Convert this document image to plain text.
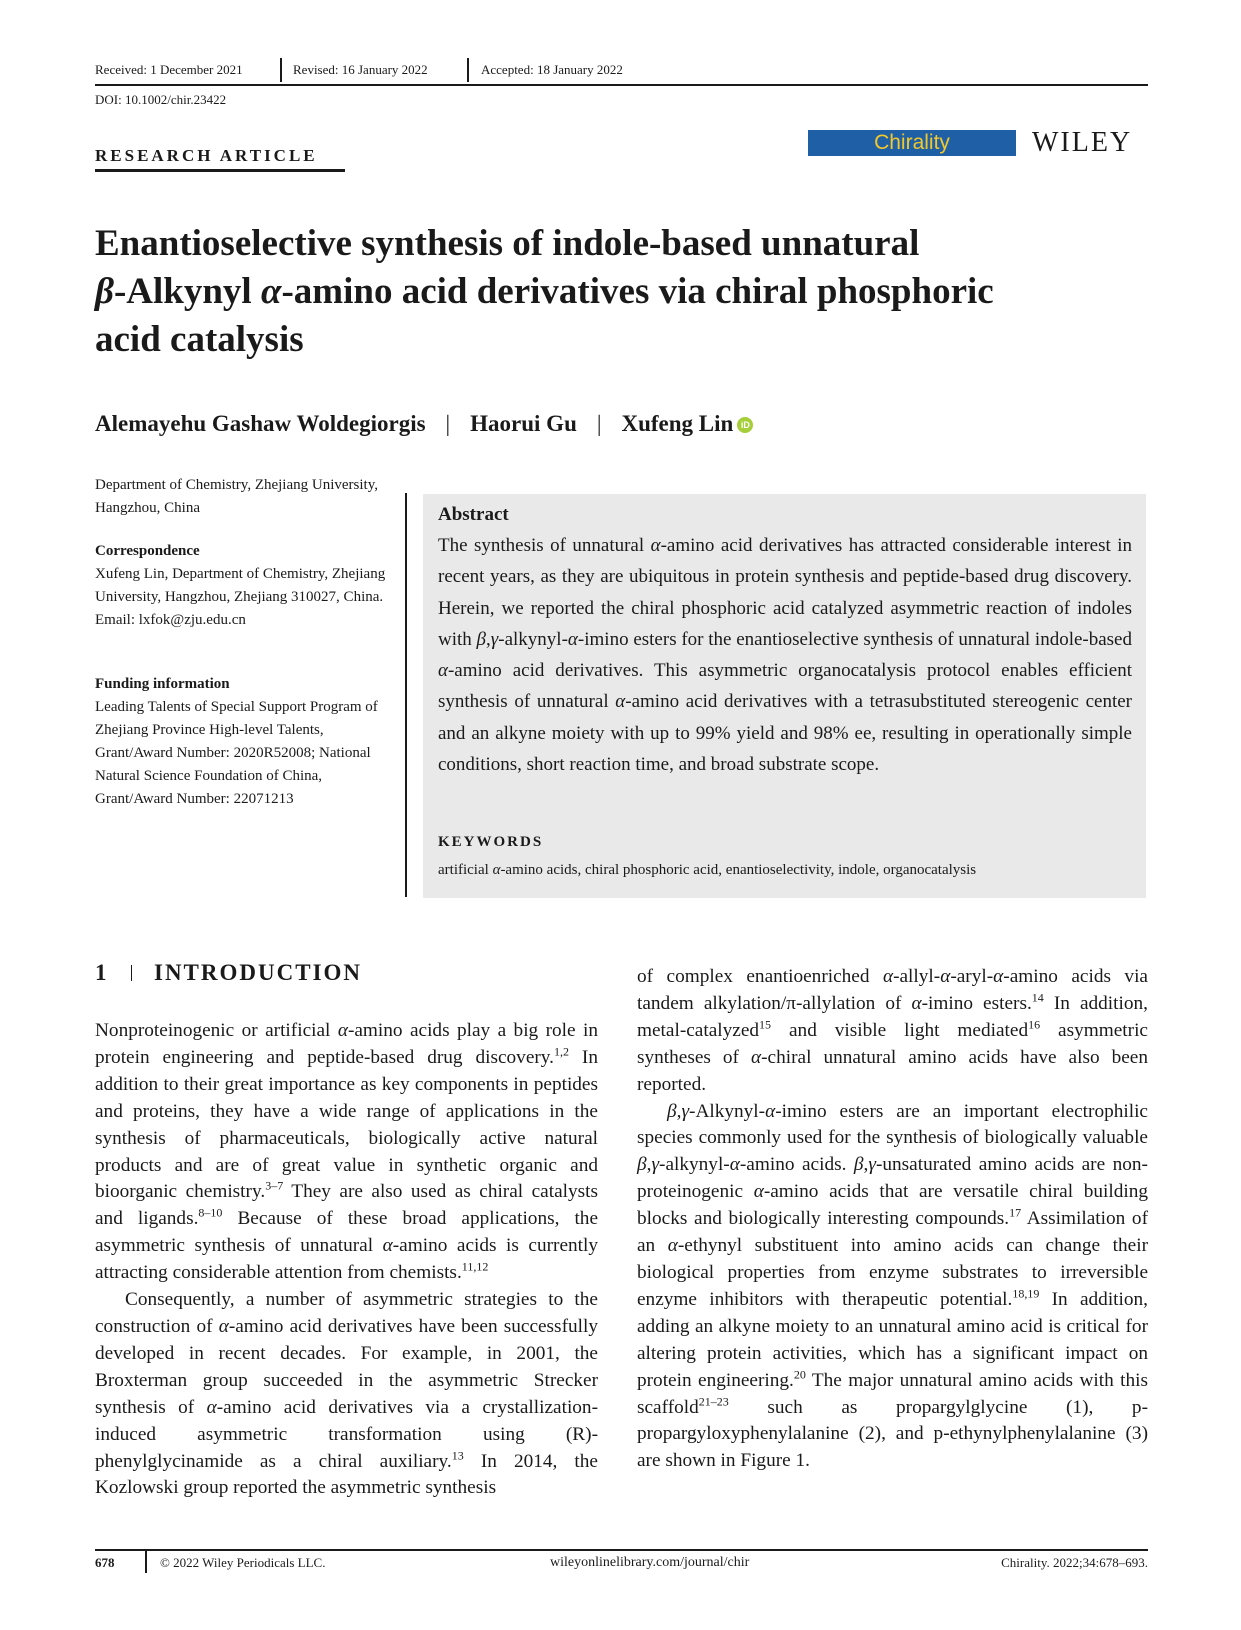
Received: 1 December 2021	Revised: 16 January 2022	Accepted: 18 January 2022
DOI: 10.1002/chir.23422
RESEARCH ARTICLE
Chirality	WILEY
Enantioselective synthesis of indole-based unnatural
β-Alkynyl α-amino acid derivatives via chiral phosphoric
acid catalysis
Alemayehu Gashaw Woldegiorgis | Haorui Gu | Xufeng Lin iD
Department of Chemistry, Zhejiang University, Hangzhou, China
Correspondence
Xufeng Lin, Department of Chemistry, Zhejiang University, Hangzhou, Zhejiang 310027, China.
Email: lxfok@zju.edu.cn
Funding information
Leading Talents of Special Support Program of Zhejiang Province High-level Talents, Grant/Award Number: 2020R52008; National Natural Science Foundation of China, Grant/Award Number: 22071213
Abstract
The synthesis of unnatural α-amino acid derivatives has attracted considerable interest in recent years, as they are ubiquitous in protein synthesis and peptide-based drug discovery. Herein, we reported the chiral phosphoric acid catalyzed asymmetric reaction of indoles with β,γ-alkynyl-α-imino esters for the enantioselective synthesis of unnatural indole-based α-amino acid derivatives. This asymmetric organocatalysis protocol enables efficient synthesis of unnatural α-amino acid derivatives with a tetrasubstituted stereogenic center and an alkyne moiety with up to 99% yield and 98% ee, resulting in operationally simple conditions, short reaction time, and broad substrate scope.
KEYWORDS
artificial α-amino acids, chiral phosphoric acid, enantioselectivity, indole, organocatalysis
1 INTRODUCTION

Nonproteinogenic or artificial α-amino acids play a big role in protein engineering and peptide-based drug discovery.$^{1,2}$ In addition to their great importance as key components in peptides and proteins, they have a wide range of applications in the synthesis of pharmaceuticals, biologically active natural products and are of great value in synthetic organic and bioorganic chemistry.$^{3-7}$ They are also used as chiral catalysts and ligands.$^{8-10}$ Because of these broad applications, the asymmetric synthesis of unnatural α-amino acids is currently attracting considerable attention from chemists.$^{11,12}$

Consequently, a number of asymmetric strategies to the construction of α-amino acid derivatives have been successfully developed in recent decades. For example, in 2001, the Broxterman group succeeded in the asymmetric Strecker synthesis of α-amino acid derivatives via a crystallization-induced asymmetric transformation using (R)-phenylglycinamide as a chiral auxiliary.$^{13}$ In 2014, the Kozlowski group reported the asymmetric synthesis

of complex enantioenriched α-allyl-α-aryl-α-amino acids via tandem alkylation/π-allylation of α-imino esters.$^{14}$ In addition, metal-catalyzed$^{15}$ and visible light mediated$^{16}$ asymmetric syntheses of α-chiral unnatural amino acids have also been reported.

β,γ-Alkynyl-α-imino esters are an important electrophilic species commonly used for the synthesis of biologically valuable β,γ-alkynyl-α-amino acids. β,γ-unsaturated amino acids are non-proteinogenic α-amino acids that are versatile chiral building blocks and biologically interesting compounds.$^{17}$ Assimilation of an α-ethynyl substituent into amino acids can change their biological properties from enzyme substrates to irreversible enzyme inhibitors with therapeutic potential.$^{18,19}$ In addition, adding an alkyne moiety to an unnatural amino acid is critical for altering protein activities, which has a significant impact on protein engineering.$^{20}$ The major unnatural amino acids with this scaffold$^{21-23}$ such as propargylglycine (1), p-propargyloxyphenylalanine (2), and p-ethynylphenylalanine (3) are shown in Figure 1.

678	© 2022 Wiley Periodicals LLC.	wileyonlinelibrary.com/journal/chir	Chirality. 2022;34:678–693.
